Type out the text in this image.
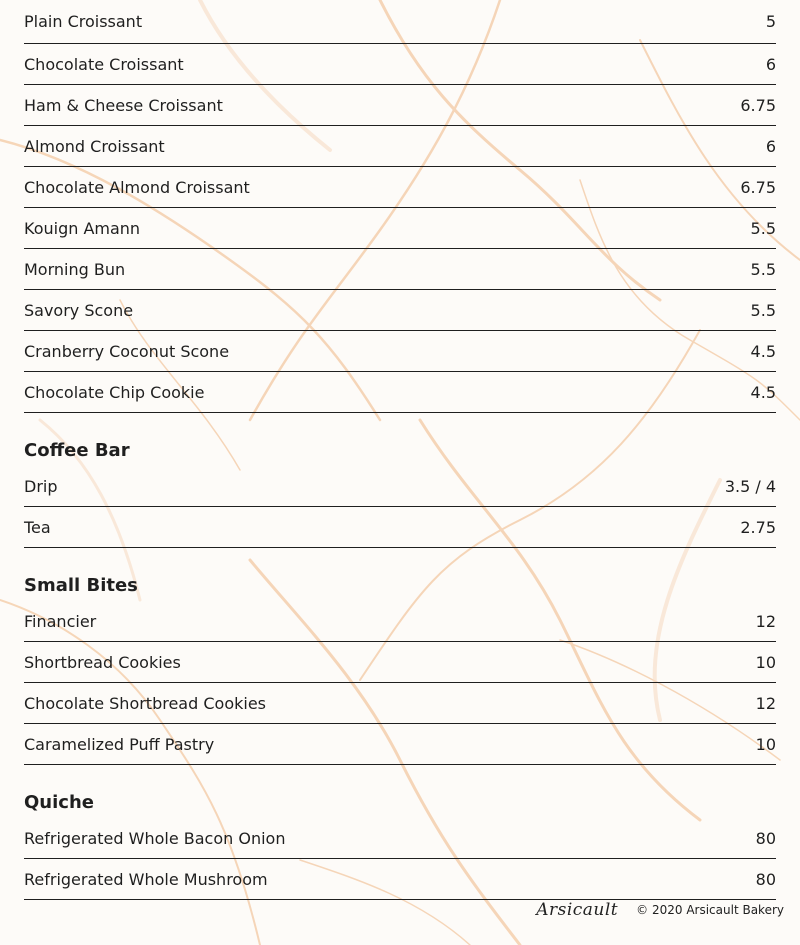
Plain Croissant	5
Chocolate Croissant	6
Ham & Cheese Croissant	6.75
Almond Croissant	6
Chocolate Almond Croissant	6.75
Kouign Amann	5.5
Morning Bun	5.5
Savory Scone	5.5
Cranberry Coconut Scone	4.5
Chocolate Chip Cookie	4.5
Coffee Bar
Drip	3.5 / 4
Tea	2.75
Small Bites
Financier	12
Shortbread Cookies	10
Chocolate Shortbread Cookies	12
Caramelized Puff Pastry	10
Quiche
Refrigerated Whole Bacon Onion	80
Refrigerated Whole Mushroom	80
Arsicault © 2020 Arsicault Bakery
